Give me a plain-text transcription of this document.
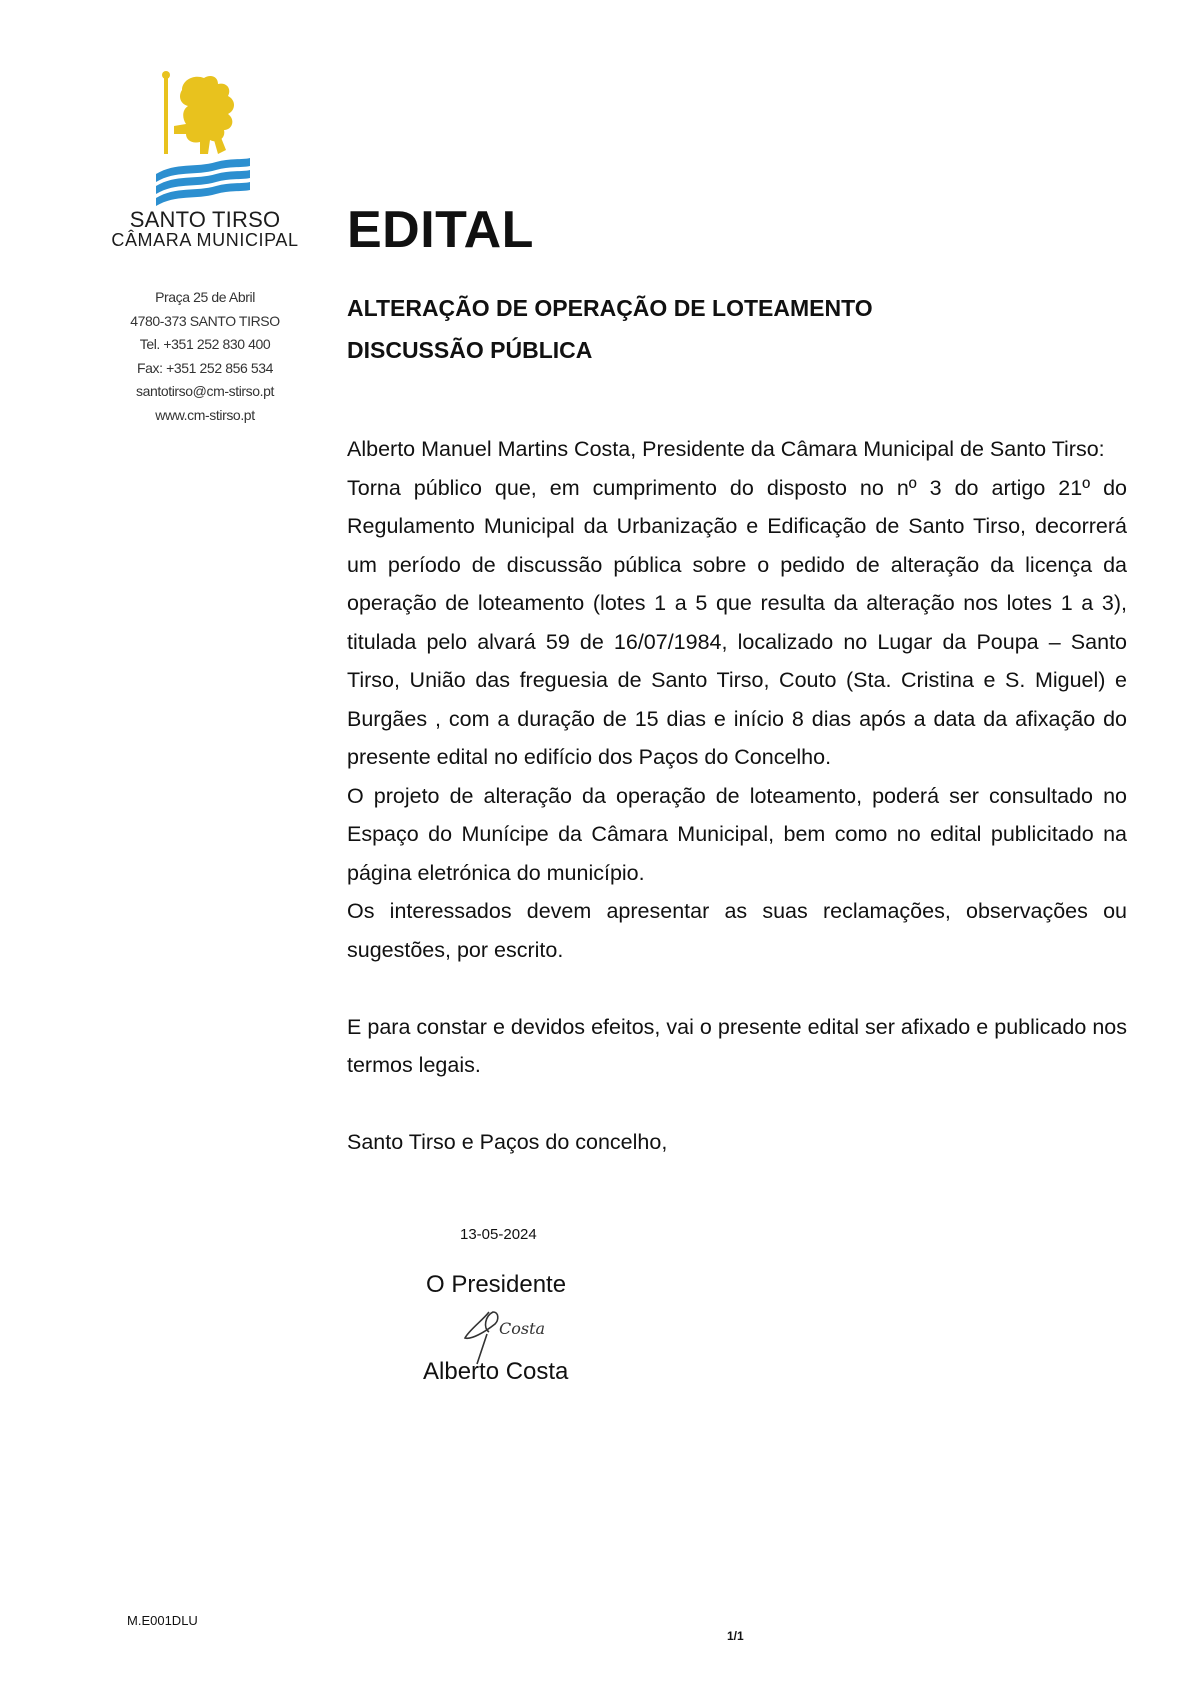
SANTO TIRSO
CÂMARA MUNICIPAL
Praça 25 de Abril
4780-373 SANTO TIRSO
Tel. +351 252 830 400
Fax: +351 252 856 534
santotirso@cm-stirso.pt
www.cm-stirso.pt
EDITAL
ALTERAÇÃO DE OPERAÇÃO DE LOTEAMENTO
DISCUSSÃO PÚBLICA

Alberto Manuel Martins Costa, Presidente da Câmara Municipal de Santo Tirso:

Torna público que, em cumprimento do disposto no nº 3 do artigo 21º do Regulamento Municipal da Urbanização e Edificação de Santo Tirso, decorrerá um período de discussão pública sobre o pedido de alteração da licença da operação de loteamento (lotes 1 a 5 que resulta da alteração nos lotes 1 a 3), titulada pelo alvará 59 de 16/07/1984, localizado no Lugar da Poupa – Santo Tirso, União das freguesia de Santo Tirso, Couto (Sta. Cristina e S. Miguel) e Burgães , com a duração de 15 dias e início 8 dias após a data da afixação do presente edital no edifício dos Paços do Concelho.

O projeto de alteração da operação de loteamento, poderá ser consultado no Espaço do Munícipe da Câmara Municipal, bem como no edital publicitado na página eletrónica do município.

Os interessados devem apresentar as suas reclamações, observações ou sugestões, por escrito.

E para constar e devidos efeitos, vai o presente edital ser afixado e publicado nos termos legais.

Santo Tirso e Paços do concelho,

13-05-2024
O Presidente
Costa
Alberto Costa
M.E001DLU
1/1
